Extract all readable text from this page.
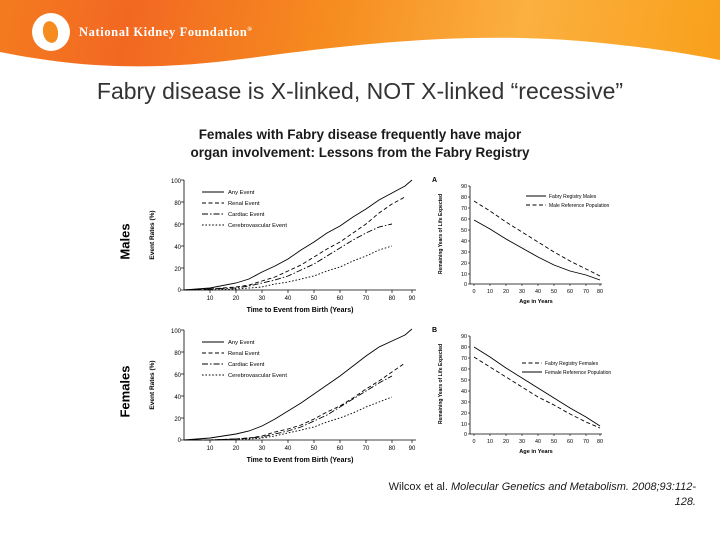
National Kidney Foundation®
Fabry disease is X-linked, NOT X-linked “recessive”
Females with Fabry disease frequently have major
organ involvement: Lessons from the Fabry Registry
Males
Females
100
80
60
40
20
0
10	20	30	40	50	60	70	80 90
Time to Event from Birth (Years)
Event Rates (%)
Any Event
Renal Event
Cardiac Event
Cerebrovascular Event
A
90
80
70
60
50
40
30
20
10
0
0 10 20 30 40 50 60 70 80
Age in Years
Remaining Years of Life Expected	Fabry Registry Males
Male Reference Population
100
80
60
40
20
0
10	20	30	40	50	60	70	80 90
Time to Event from Birth (Years)
Event Rates (%)
Any Event
Renal Event
Cardiac Event
Cerebrovascular Event
B
90
80
70
60
50
40
30
20
10
0
0 10 20 30 40 50 60 70 80
Age in Years
Remaining Years of Life Expected	Fabry Registry Females
Female Reference Population
Wilcox et al. Molecular Genetics and Metabolism. 2008;93:112-128.
